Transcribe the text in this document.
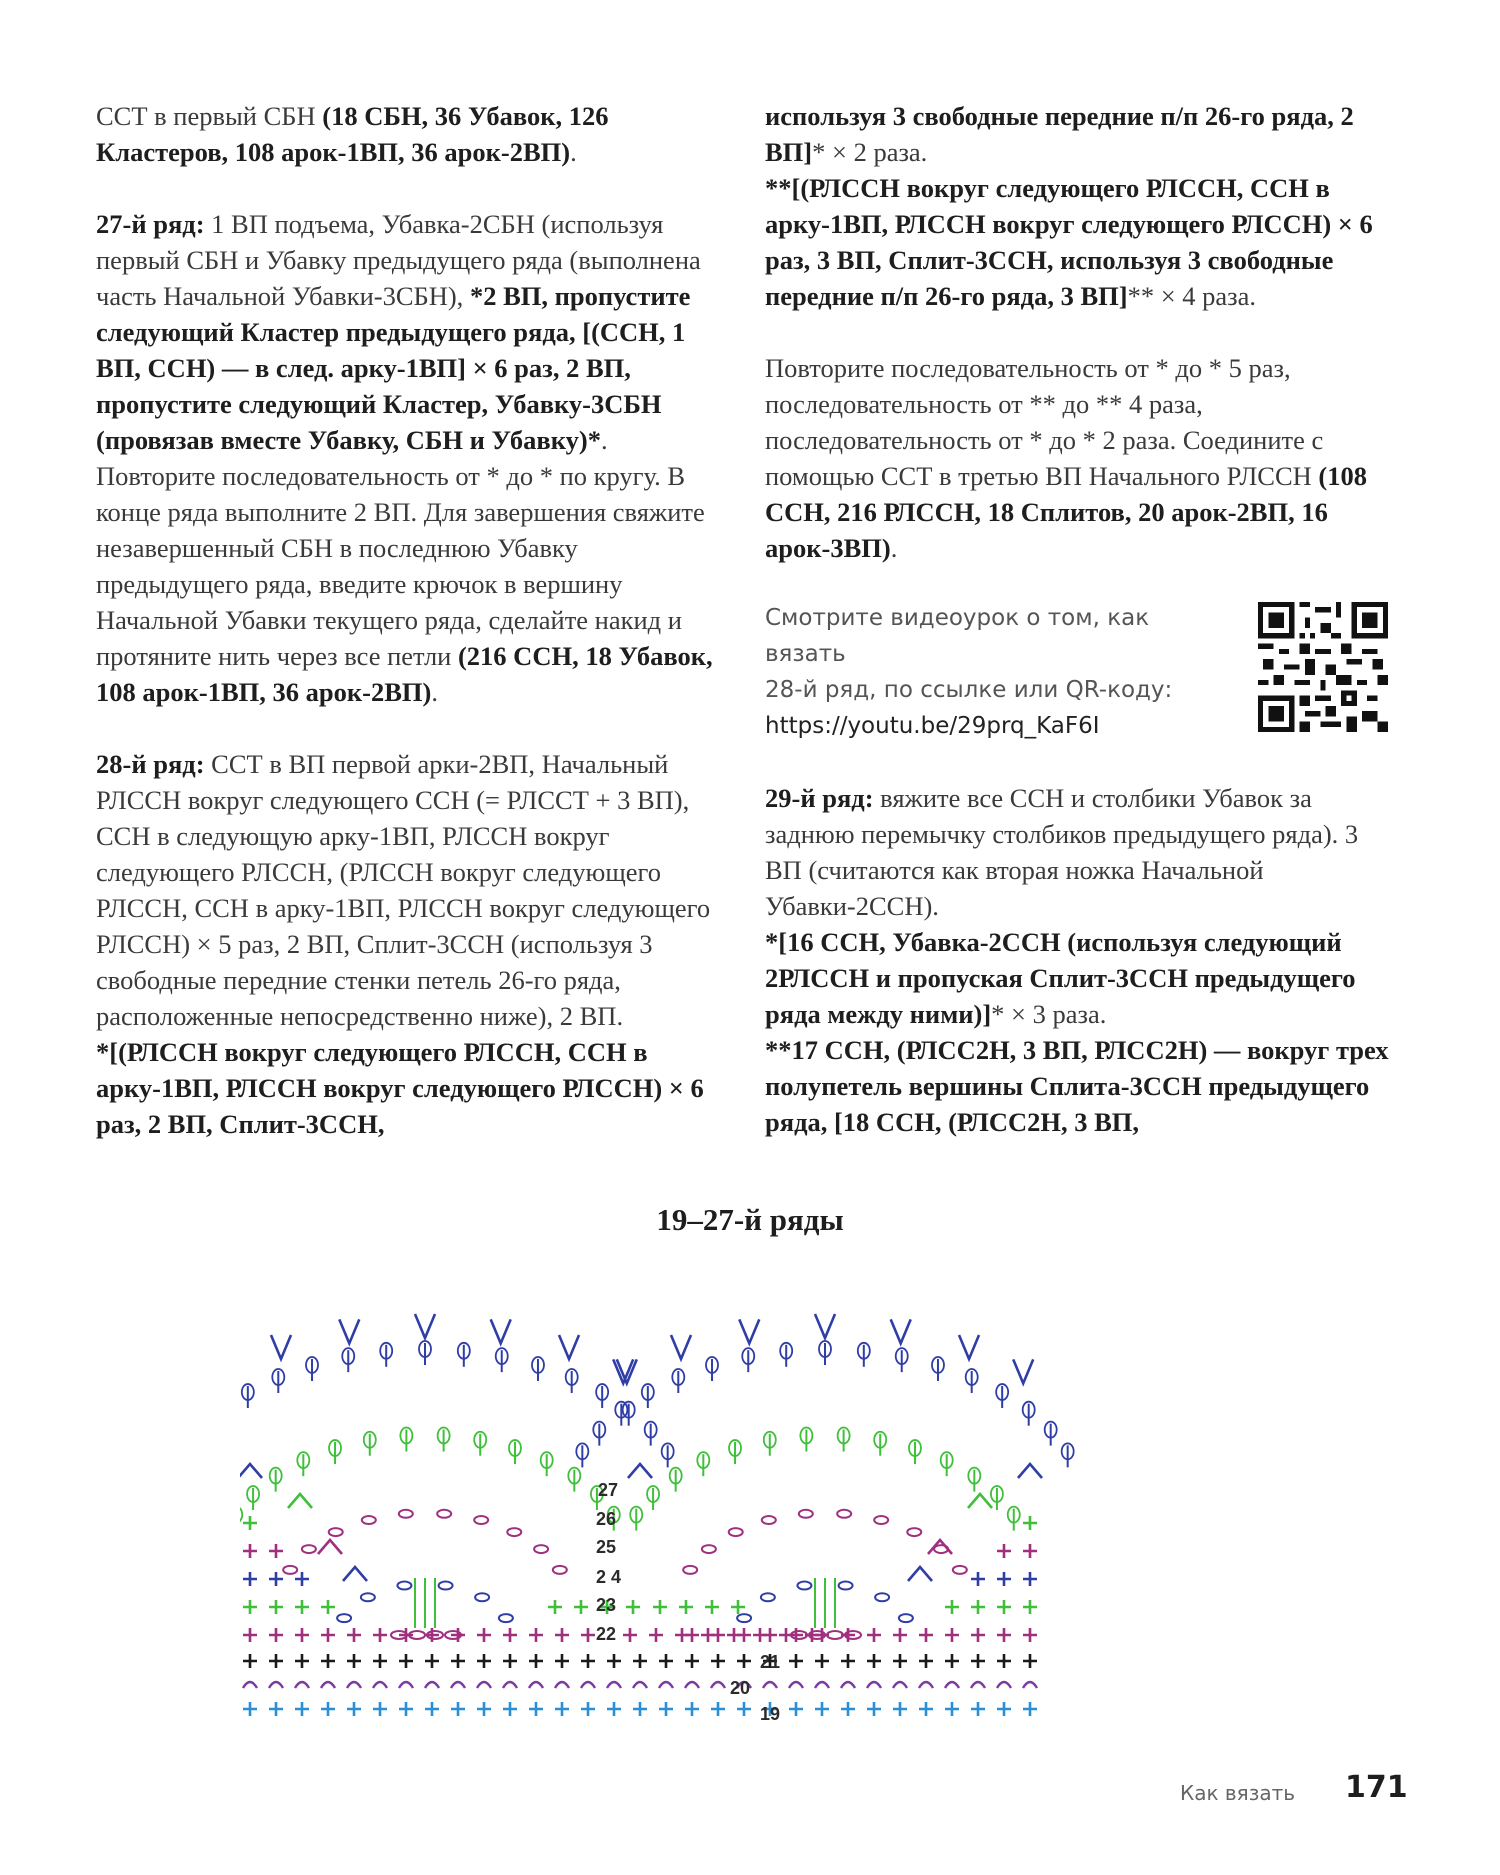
ССТ в первый СБН (18 СБН, 36 Убавок, 126 Кластеров, 108 арок-1ВП, 36 арок-2ВП).

27-й ряд: 1 ВП подъема, Убавка-2СБН (используя первый СБН и Убавку предыдущего ряда (выполнена часть Начальной Убавки-3СБН), *2 ВП, пропустите следующий Кластер предыдущего ряда, [(ССН, 1 ВП, ССН) — в след. арку-1ВП] × 6 раз, 2 ВП, пропустите следующий Кластер, Убавку-3СБН (провязав вместе Убавку, СБН и Убавку)*. Повторите последовательность от * до * по кругу. В конце ряда выполните 2 ВП. Для завершения свяжите незавершенный СБН в последнюю Убавку предыдущего ряда, введите крючок в вершину Начальной Убавки текущего ряда, сделайте накид и протяните нить через все петли (216 ССН, 18 Убавок, 108 арок-1ВП, 36 арок-2ВП).

28-й ряд: ССТ в ВП первой арки-2ВП, Начальный РЛССН вокруг следующего ССН (= РЛССТ + 3 ВП), ССН в следующую арку-1ВП, РЛССН вокруг следующего РЛССН, (РЛССН вокруг следующего РЛССН, ССН в арку-1ВП, РЛССН вокруг следующего РЛССН) × 5 раз, 2 ВП, Сплит-3ССН (используя 3 свободные передние стенки петель 26-го ряда, расположенные непосредственно ниже), 2 ВП.
*[(РЛССН вокруг следующего РЛССН, ССН в арку-1ВП, РЛССН вокруг следующего РЛССН) × 6 раз, 2 ВП, Сплит-3ССН,

используя 3 свободные передние п/п 26-го ряда, 2 ВП]* × 2 раза.
**[(РЛССН вокруг следующего РЛССН, ССН в арку-1ВП, РЛССН вокруг следующего РЛССН) × 6 раз, 3 ВП, Сплит-3ССН, используя 3 свободные передние п/п 26-го ряда, 3 ВП]** × 4 раза.

Повторите последовательность от * до * 5 раз, последовательность от ** до ** 4 раза, последовательность от * до * 2 раза. Соедините с помощью ССТ в третью ВП Начального РЛССН (108 ССН, 216 РЛССН, 18 Сплитов, 20 арок-2ВП, 16 арок-3ВП).

Смотрите видеоурок о том, как вязать
28-й ряд, по ссылке или QR-коду:
https://youtu.be/29prq_KaF6I

29-й ряд: вяжите все ССН и столбики Убавок за заднюю перемычку столбиков предыдущего ряда). 3 ВП (считаются как вторая ножка Начальной Убавки-2ССН).
*[16 ССН, Убавка-2ССН (используя следующий 2РЛССН и пропуская Сплит-3ССН предыдущего ряда между ними)]* × 3 раза.
**17 ССН, (РЛСС2Н, 3 ВП, РЛСС2Н) — вокруг трех полупетель вершины Сплита-3ССН предыдущего ряда, [18 ССН, (РЛСС2Н, 3 ВП,

19–27-й ряды
27
26
25
2 4
23
22
21
20
19
Как вязать 171
